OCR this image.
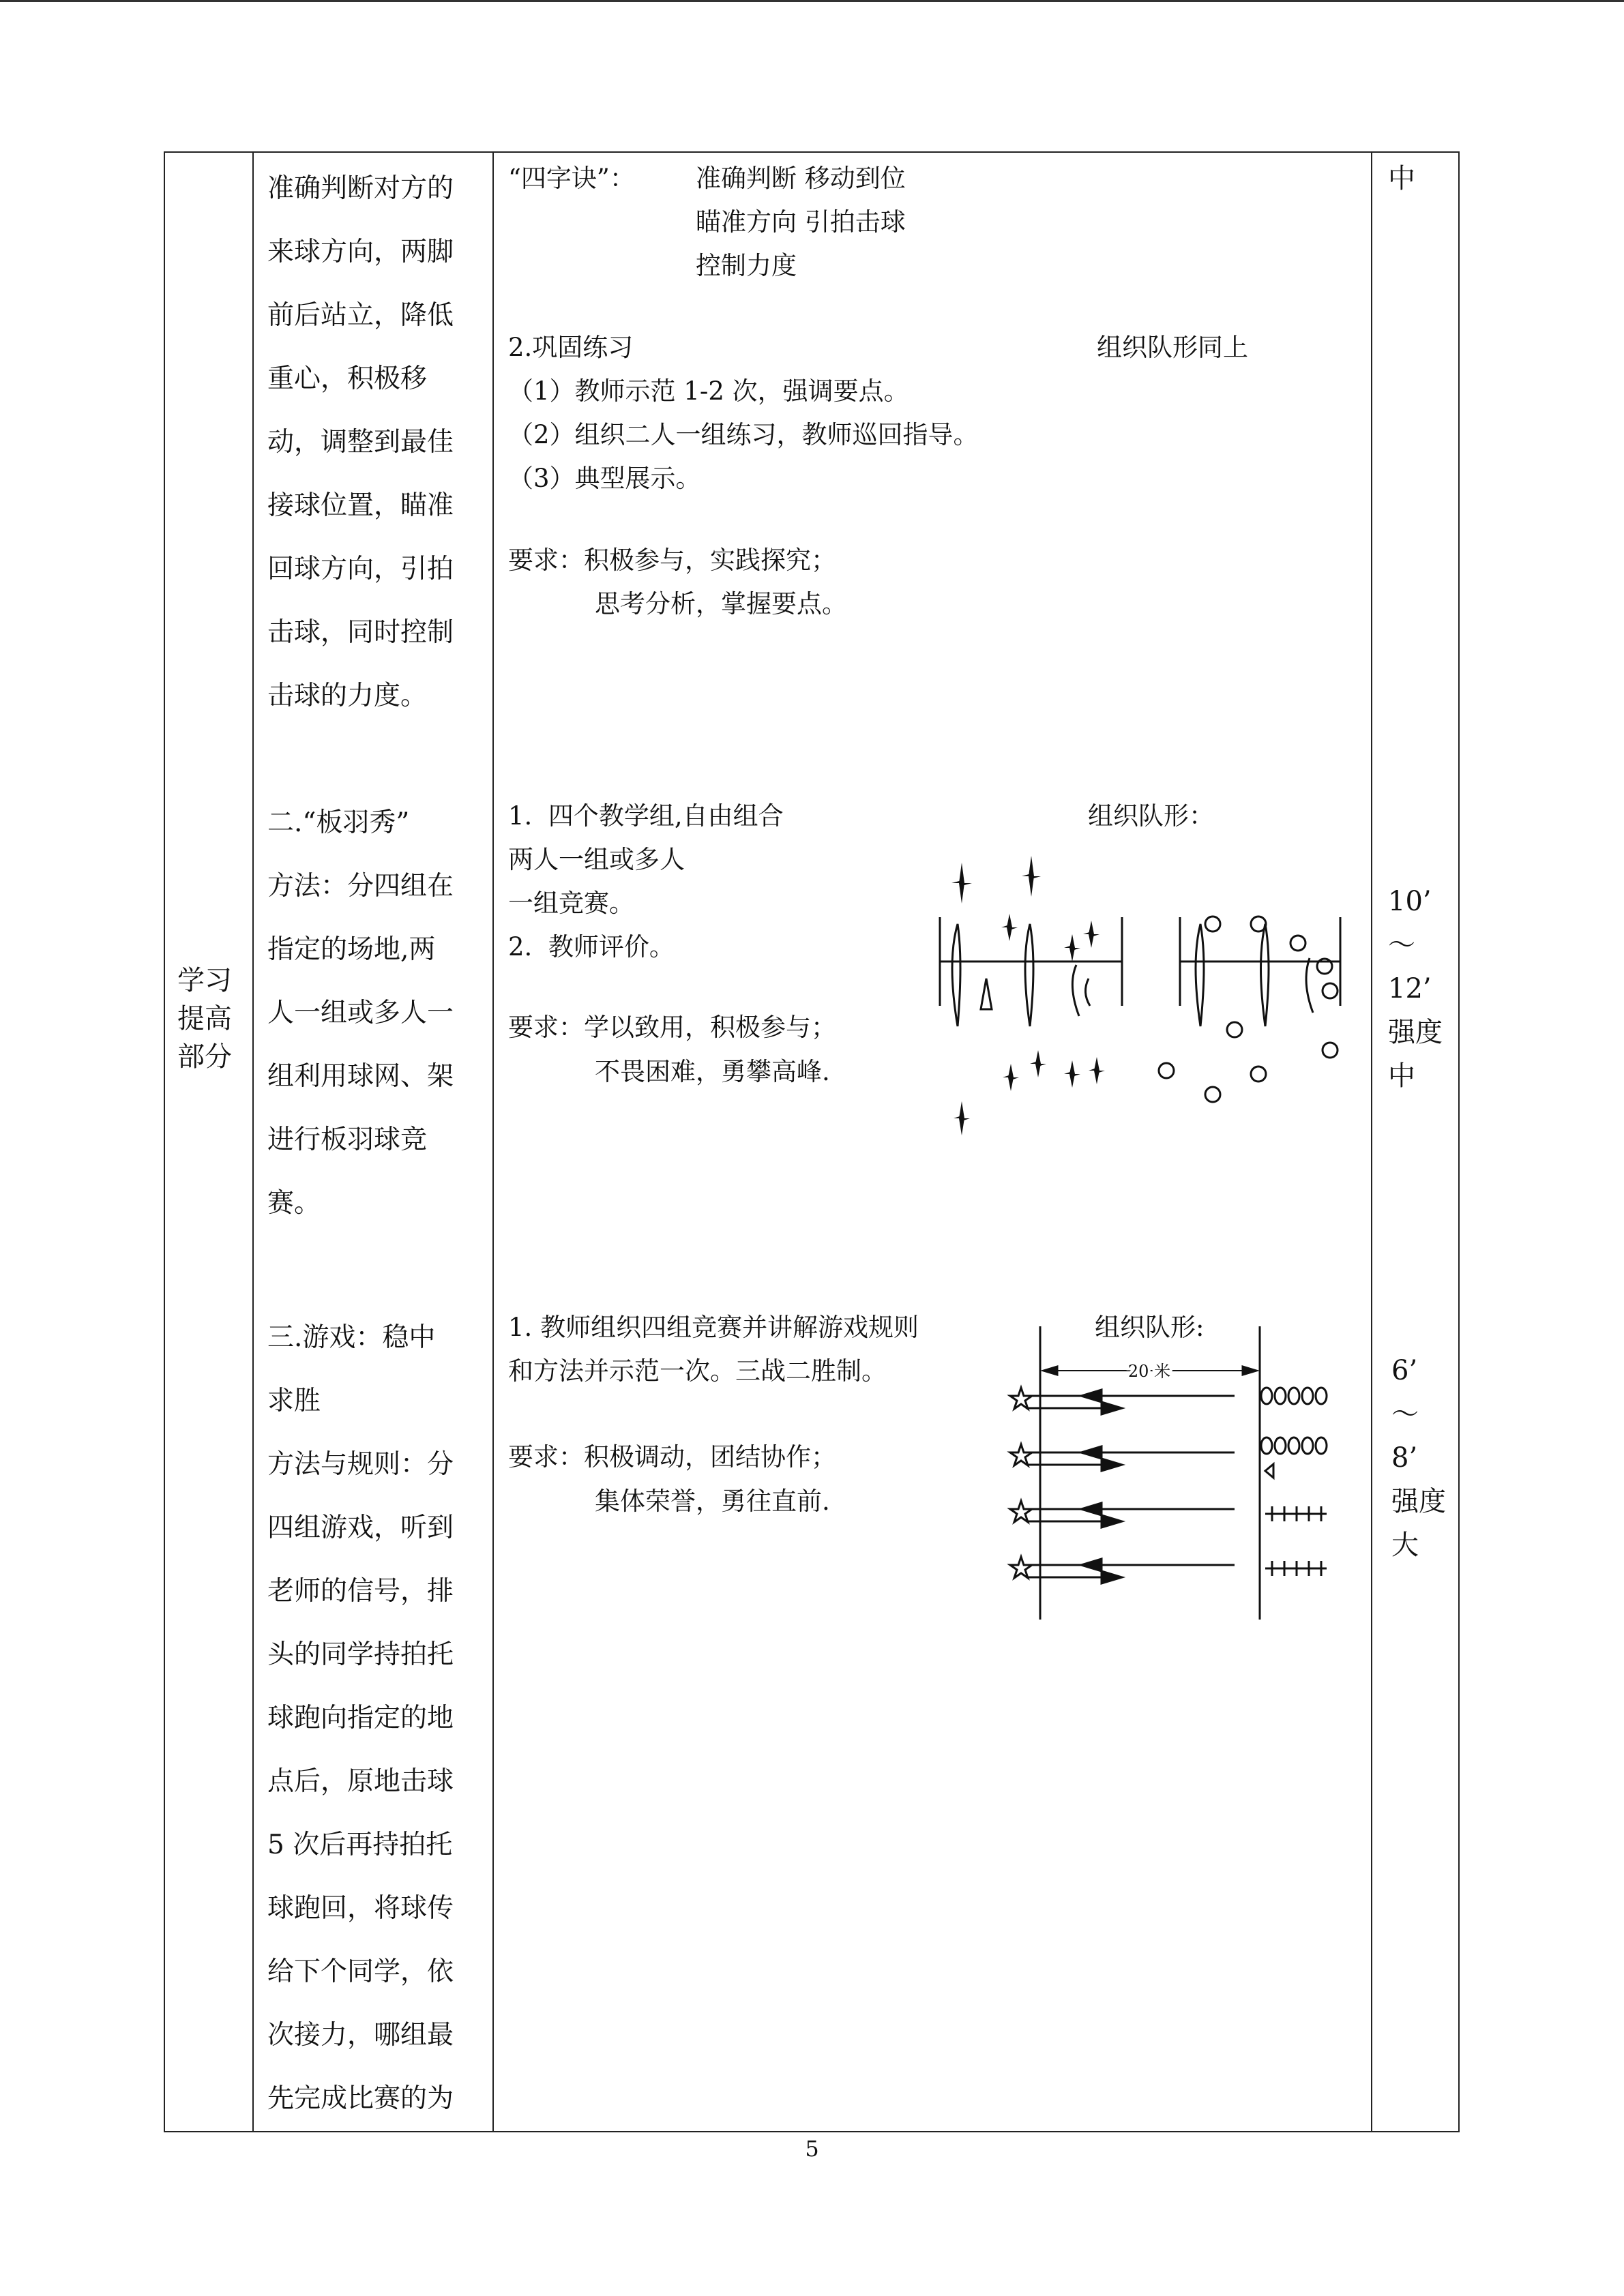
学习
提高
部分
准确判断对方的
来球方向，两脚
前后站立，降低
重心，积极移
动，调整到最佳
接球位置，瞄准
回球方向，引拍
击球，同时控制
击球的力度。
二.“板羽秀”
方法：分四组在
指定的场地,两
人一组或多人一
组利用球网、架
进行板羽球竞
赛。
三.游戏：稳中
求胜
方法与规则：分
四组游戏，听到
老师的信号，排
头的同学持拍托
球跑向指定的地
点后，原地击球
5 次后再持拍托
球跑回，将球传
给下个同学，依
次接力，哪组最
先完成比赛的为

“四字诀”： 准确判断 移动到位

瞄准方向 引拍击球

控制力度

2.巩固练习	组织队形同上

（1）教师示范 1-2 次，强调要点。

（2）组织二人一组练习，教师巡回指导。

（3）典型展示。

要求：积极参与，实践探究；

思考分析，掌握要点。

1.  四个教学组,自由组合

两人一组或多人

一组竞赛。

2.  教师评价。

组织队形：

要求：学以致用，积极参与；

不畏困难，勇攀高峰.

1. 教师组织四组竞赛并讲解游戏规则

和方法并示范一次。三战二胜制。

组织队形:

要求：积极调动，团结协作；

集体荣誉，勇往直前.

20 米
中
10’
～
12’
强度
中
6’
～
8’
强度
大
5
